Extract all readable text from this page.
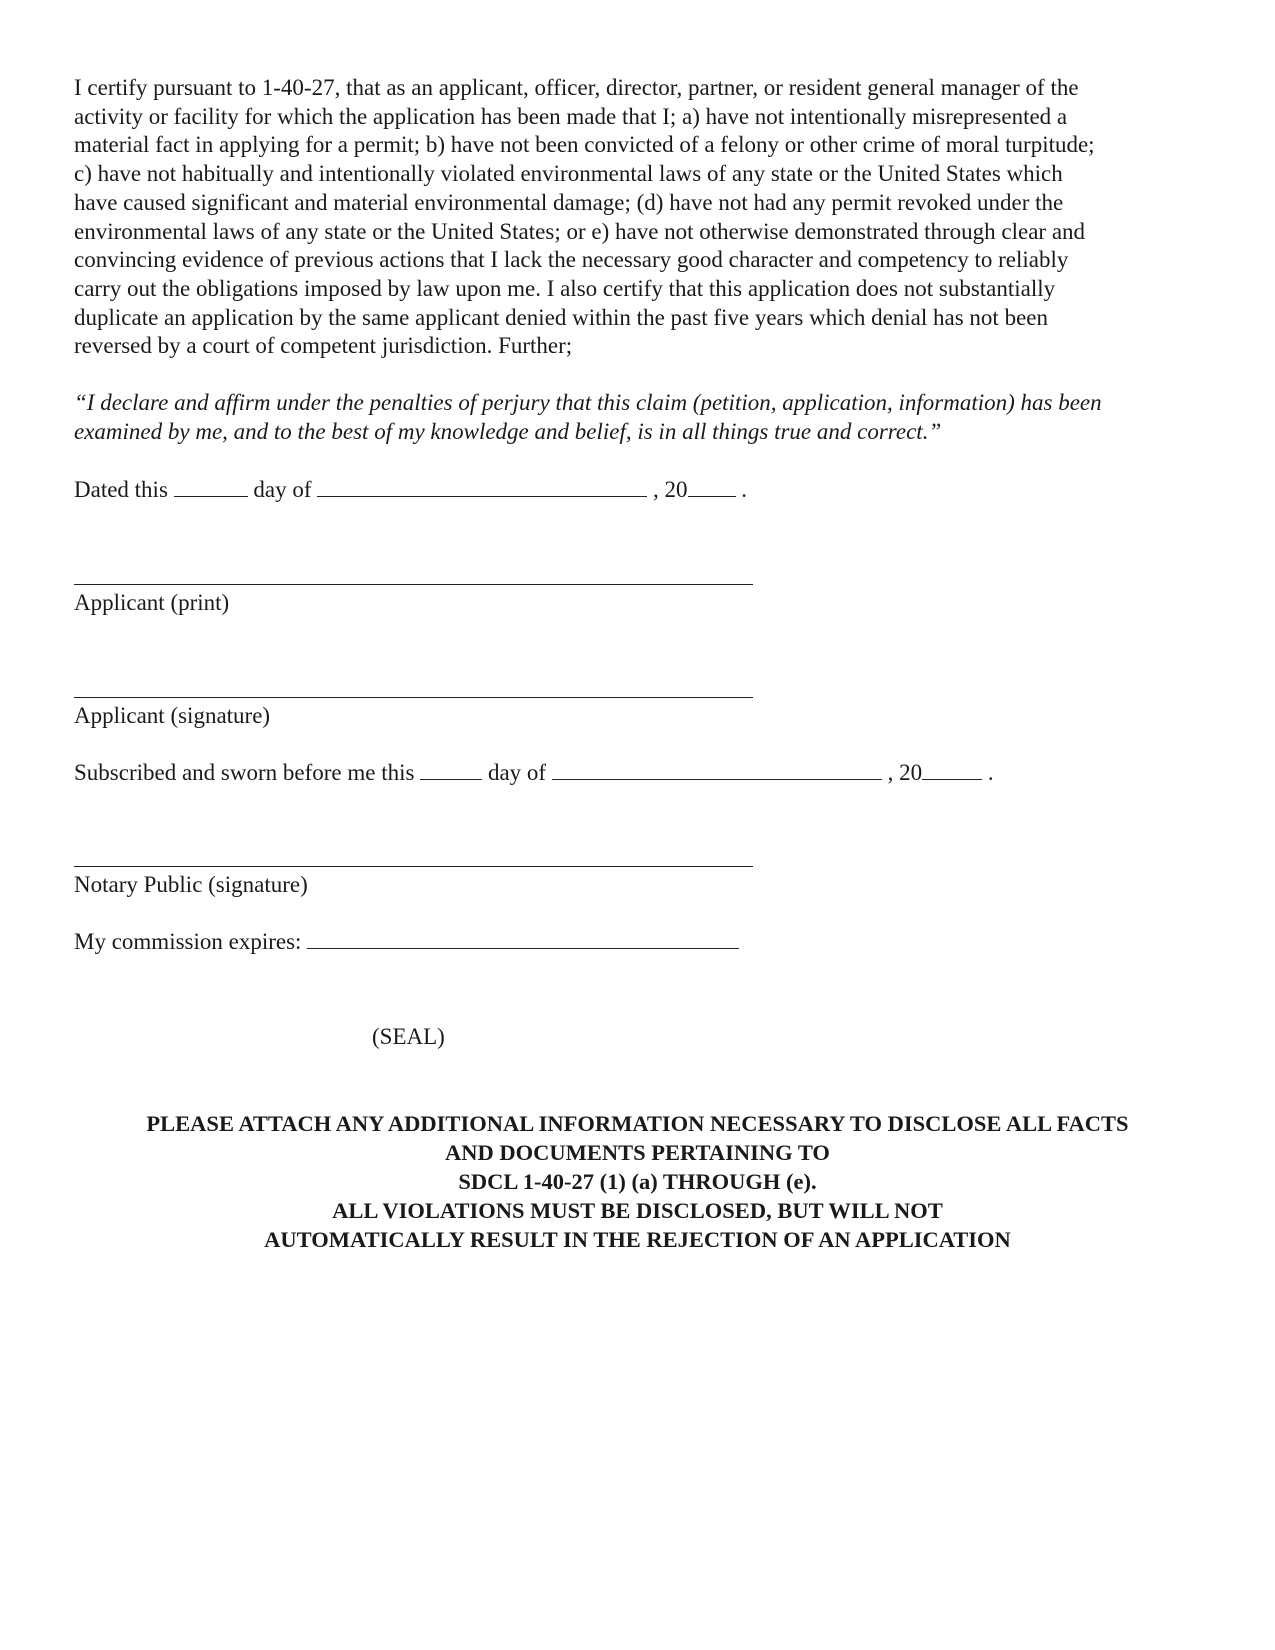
I certify pursuant to 1-40-27, that as an applicant, officer, director, partner, or resident general manager of the
activity or facility for which the application has been made that I; a) have not intentionally misrepresented a
material fact in applying for a permit; b) have not been convicted of a felony or other crime of moral turpitude;
c) have not habitually and intentionally violated environmental laws of any state or the United States which
have caused significant and material environmental damage; (d) have not had any permit revoked under the
environmental laws of any state or the United States; or e) have not otherwise demonstrated through clear and
convincing evidence of previous actions that I lack the necessary good character and competency to reliably
carry out the obligations imposed by law upon me. I also certify that this application does not substantially
duplicate an application by the same applicant denied within the past five years which denial has not been
reversed by a court of competent jurisdiction. Further;
“I declare and affirm under the penalties of perjury that this claim (petition, application, information) has been
examined by me, and to the best of my knowledge and belief, is in all things true and correct.”
Dated this	day of	, 20 .
Applicant (print)
Applicant (signature)
Subscribed and sworn before me this	day of	, 20	.
Notary Public (signature)
My commission expires:
(SEAL)
PLEASE ATTACH ANY ADDITIONAL INFORMATION NECESSARY TO DISCLOSE ALL FACTS
AND DOCUMENTS PERTAINING TO
SDCL 1-40-27 (1) (a) THROUGH (e).
ALL VIOLATIONS MUST BE DISCLOSED, BUT WILL NOT
AUTOMATICALLY RESULT IN THE REJECTION OF AN APPLICATION
